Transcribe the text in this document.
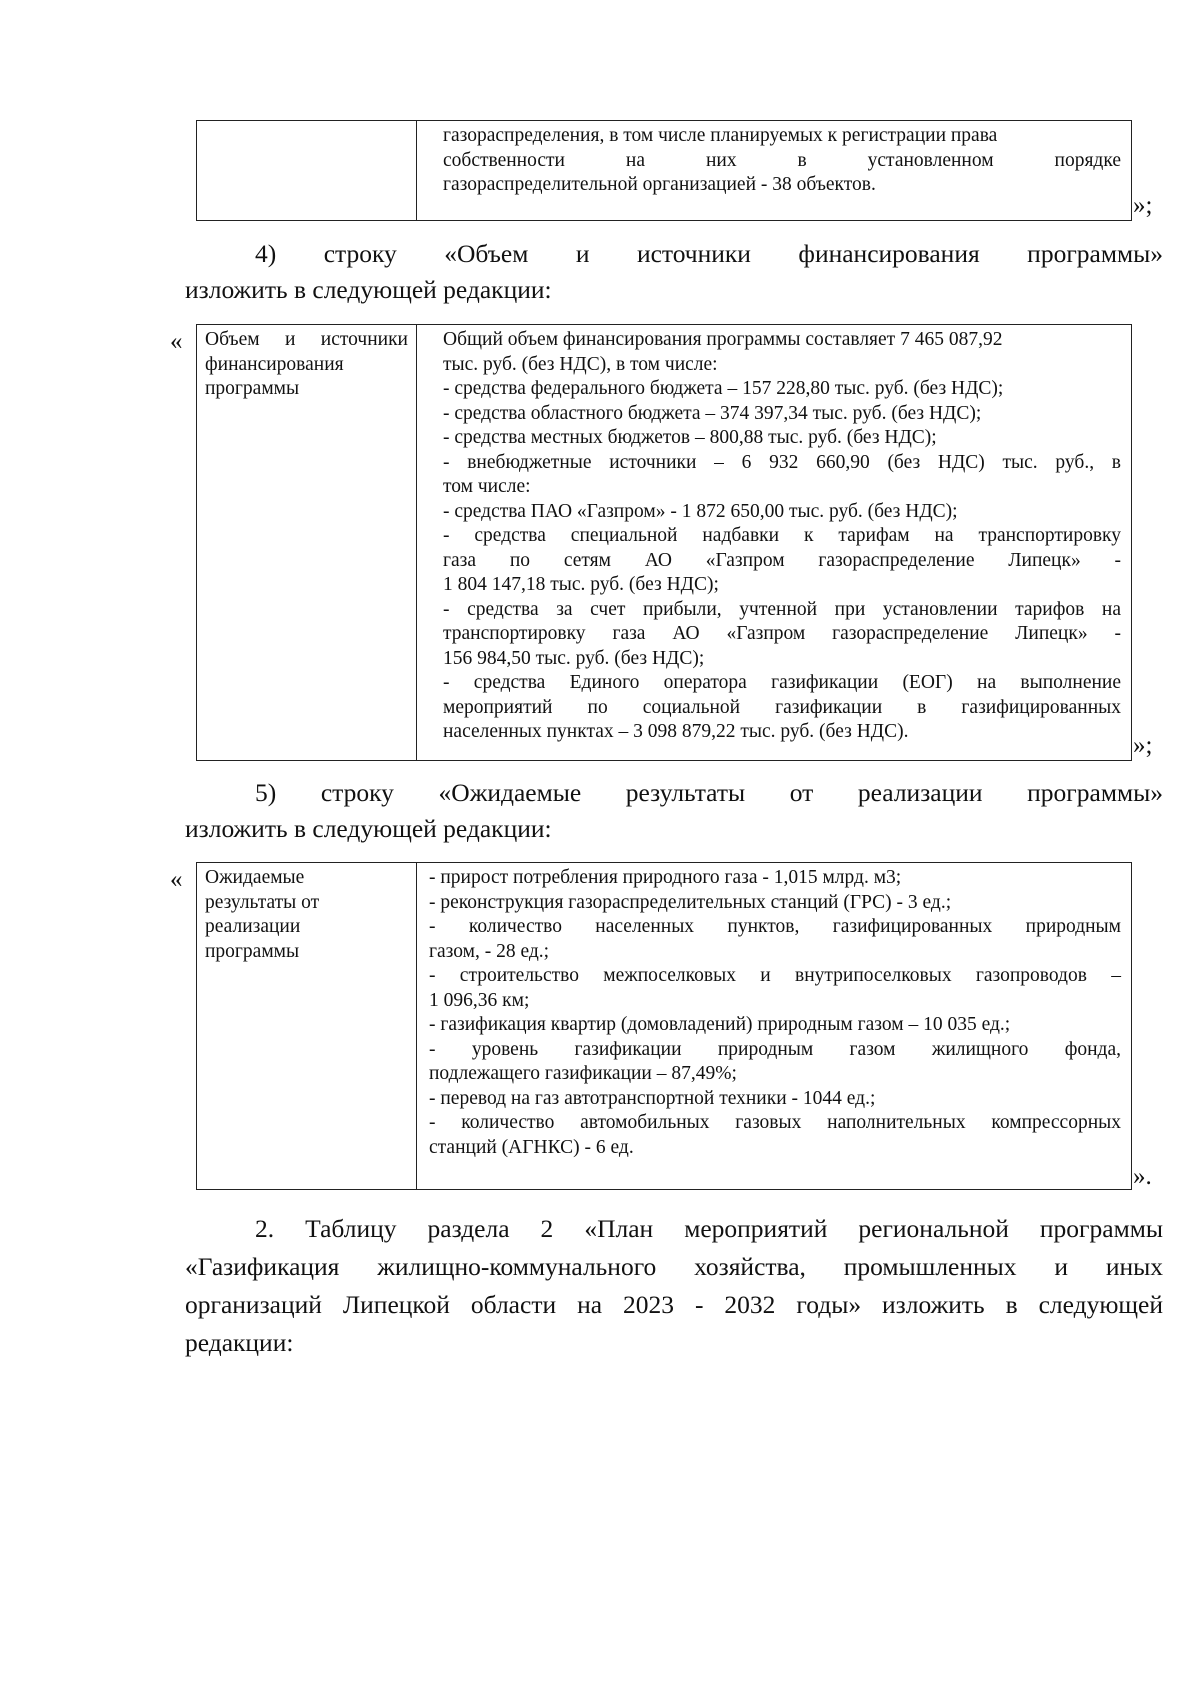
газораспределения, в том числе планируемых к регистрации права
собственности на них в установленном порядке
газораспределительной организацией - 38 объектов.
»;
4) строку «Объем и источники финансирования программы»
изложить в следующей редакции:
« Объем и источники
финансирования
программы
Общий объем финансирования программы составляет 7 465 087,92
тыс. руб. (без НДС), в том числе:
- средства федерального бюджета – 157 228,80 тыс. руб. (без НДС);
- средства областного бюджета – 374 397,34 тыс. руб. (без НДС);
- средства местных бюджетов – 800,88 тыс. руб. (без НДС);
- внебюджетные источники – 6 932 660,90 (без НДС) тыс. руб., в
том числе:
- средства ПАО «Газпром» - 1 872 650,00 тыс. руб. (без НДС);
- средства специальной надбавки к тарифам на транспортировку
газа по сетям АО «Газпром газораспределение Липецк» -
1 804 147,18 тыс. руб. (без НДС);
- средства за счет прибыли, учтенной при установлении тарифов на
транспортировку газа АО «Газпром газораспределение Липецк» -
156 984,50 тыс. руб. (без НДС);
- средства Единого оператора газификации (ЕОГ) на выполнение
мероприятий по социальной газификации в газифицированных
населенных пунктах – 3 098 879,22 тыс. руб. (без НДС).
»;
5) строку «Ожидаемые результаты от реализации программы»
изложить в следующей редакции:
« Ожидаемые
результаты от
реализации
программы
- прирост потребления природного газа - 1,015 млрд. м3;
- реконструкция газораспределительных станций (ГРС) - 3 ед.;
- количество населенных пунктов, газифицированных природным
газом, - 28 ед.;
- строительство межпоселковых и внутрипоселковых газопроводов –
1 096,36 км;
- газификация квартир (домовладений) природным газом – 10 035 ед.;
- уровень газификации природным газом жилищного фонда,
подлежащего газификации – 87,49%;
- перевод на газ автотранспортной техники - 1044 ед.;
- количество автомобильных газовых наполнительных компрессорных
станций (АГНКС) - 6 ед.
».
2. Таблицу раздела 2 «План мероприятий региональной программы
«Газификация жилищно-коммунального хозяйства, промышленных и иных
организаций Липецкой области на 2023 - 2032 годы» изложить в следующей
редакции:
